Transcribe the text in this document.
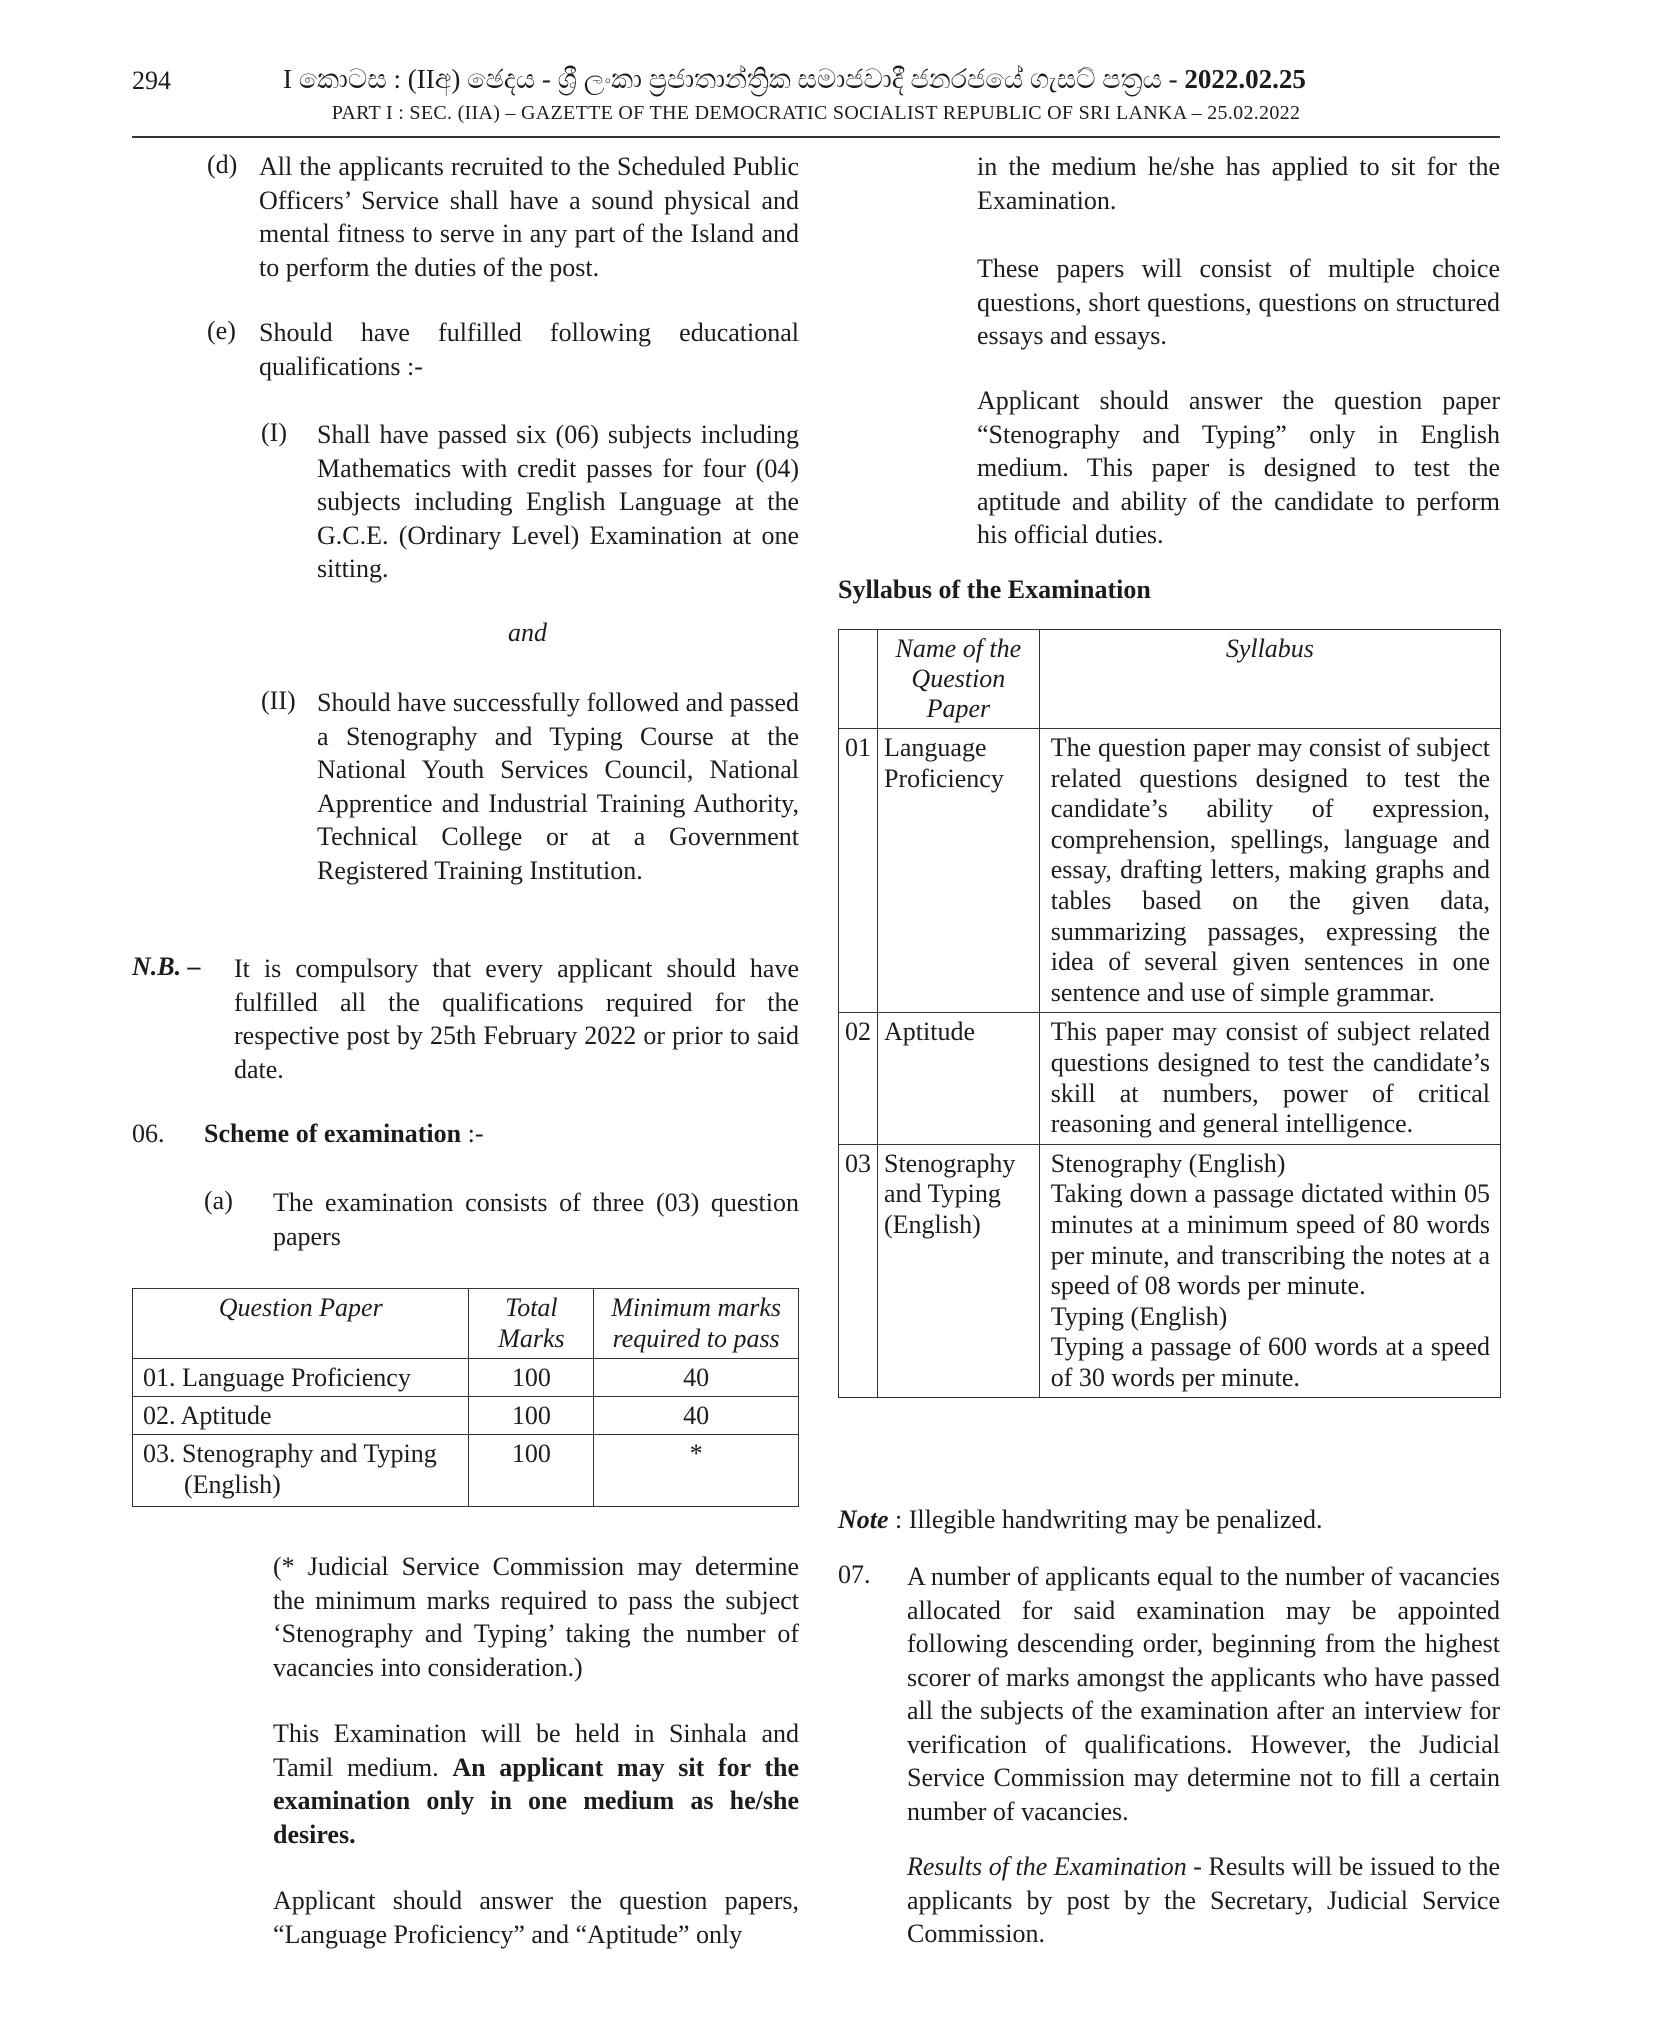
294	I කොටස : (IIඅ) ඡෙදය - ශ්‍රී ලංකා ප්‍රජාතාන්ත්‍රික සමාජවාදී ජනරජයේ ගැසට් පත්‍රය - 2022.02.25
PART I : SEC. (IIA) – GAZETTE OF THE DEMOCRATIC SOCIALIST REPUBLIC OF SRI LANKA – 25.02.2022
(d) All the applicants recruited to the Scheduled Public Officers’ Service shall have a sound physical and mental fitness to serve in any part of the Island and to perform the duties of the post.

(e) Should have fulfilled following educational qualifications :-

(I) Shall have passed six (06) subjects including Mathematics with credit passes for four (04) subjects including English Language at the G.C.E. (Ordinary Level) Examination at one sitting.

and
(II) Should have successfully followed and passed a Stenography and Typing Course at the National Youth Services Council, National Apprentice and Industrial Training Authority, Technical College or at a Government Registered Training Institution.

N.B. – It is compulsory that every applicant should have fulfilled all the qualifications required for the respective post by 25th February 2022 or prior to said date.

06. Scheme of examination :-
(a) The examination consists of three (03) question papers

Question Paper	Total Marks	Minimum marks required to pass
01. Language Proficiency	100	40
02. Aptitude	100	40

03. Stenography and Typing (English)	100	*

(* Judicial Service Commission may determine the minimum marks required to pass the subject ‘Stenography and Typing’ taking the number of vacancies into consideration.)

This Examination will be held in Sinhala and Tamil medium. An applicant may sit for the examination only in one medium as he/she desires.

Applicant should answer the question papers, “Language Proficiency” and “Aptitude” only

in the medium he/she has applied to sit for the Examination.

These papers will consist of multiple choice questions, short questions, questions on structured essays and essays.

Applicant should answer the question paper “Stenography and Typing” only in English medium. This paper is designed to test the aptitude and ability of the candidate to perform his official duties.

Syllabus of the Examination
	Name of the Question Paper	Syllabus
01	Language Proficiency	The question paper may consist of subject related questions designed to test the candidate’s ability of expression, comprehension, spellings, language and essay, drafting letters, making graphs and tables based on the given data, summarizing passages, expressing the idea of several given sentences in one sentence and use of simple grammar.
02	Aptitude	This paper may consist of subject related questions designed to test the candidate’s skill at numbers, power of critical reasoning and general intelligence.
03	Stenography and Typing (English)	Stenography (English)
Taking down a passage dictated within 05 minutes at a minimum speed of 80 words per minute, and transcribing the notes at a speed of 08 words per minute.
Typing (English)
Typing a passage of 600 words at a speed of 30 words per minute.

Note : Illegible handwriting may be penalized.

07. A number of applicants equal to the number of vacancies allocated for said examination may be appointed following descending order, beginning from the highest scorer of marks amongst the applicants who have passed all the subjects of the examination after an interview for verification of qualifications. However, the Judicial Service Commission may determine not to fill a certain number of vacancies.

Results of the Examination - Results will be issued to the applicants by post by the Secretary, Judicial Service Commission.
